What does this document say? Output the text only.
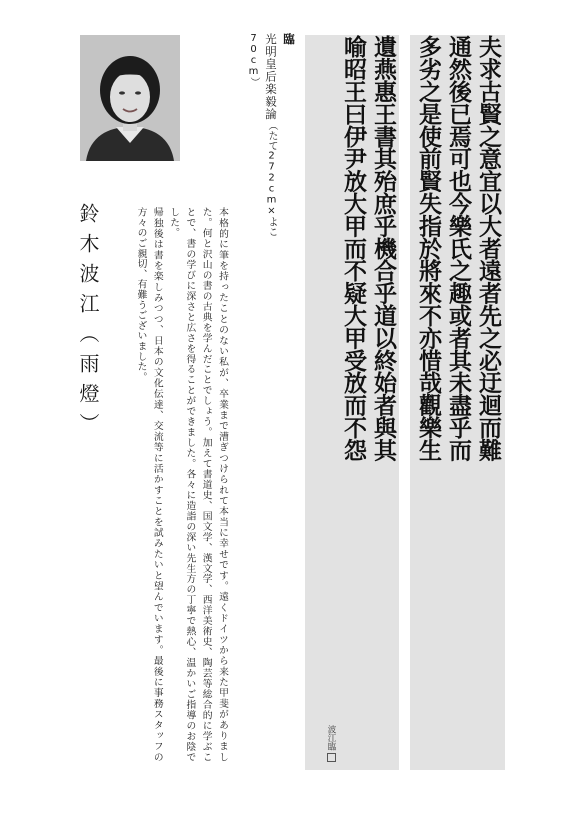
鈴木波江（雨燈）	本格的に筆を持ったことのない私が、卒業まで漕ぎつけられて本当に幸せです。遠くドイツから来た甲斐がありました。何と沢山の書の古典を学んだことでしょう。加えて書道史、国文学、漢文学、西洋美術史、陶芸等総合的に学ぶことで、書の学びに深さと広さを得ることができました。各々に造詣の深い先生方の丁寧で熱心、温かいご指導のお陰でした。
帰独後は書を楽しみつつ、日本の文化伝達、交流等に活かすことを試みたいと望んでいます。最後に事務スタッフの方々のご親切、有難うございました。
臨
光明皇后楽毅論（たて272cm×よこ70cm）	夫求古賢之意宜以大者遠者先之必迂迴而難
通然後已焉可也今樂氏之趣或者其未盡乎而
多劣之是使前賢失指於將來不亦惜哉觀樂生
遺燕惠王書其殆庶乎機合乎道以終始者與其
喻昭王曰伊尹放大甲而不疑大甲受放而不怨
波江臨
